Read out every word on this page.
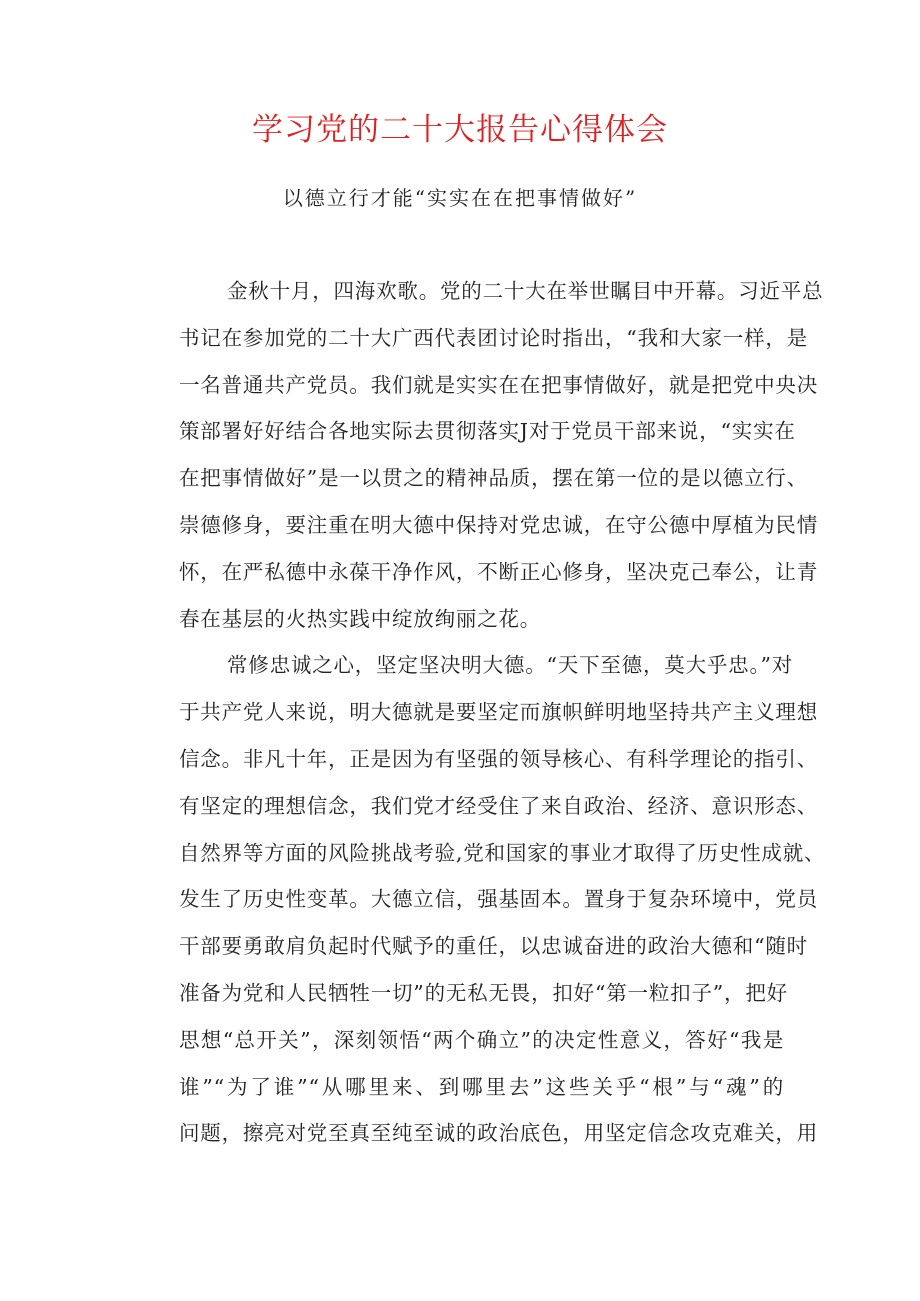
学习党的二十大报告心得体会
以德立行才能“实实在在把事情做好”
金秋十月，四海欢歌。党的二十大在举世瞩目中开幕。习近平总
书记在参加党的二十大广西代表团讨论时指出，“我和大家一样，是
一名普通共产党员。我们就是实实在在把事情做好，就是把党中央决
策部署好好结合各地实际去贯彻落实J对于党员干部来说，“实实在
在把事情做好”是一以贯之的精神品质，摆在第一位的是以德立行、
崇德修身，要注重在明大德中保持对党忠诚，在守公德中厚植为民情
怀，在严私德中永葆干净作风，不断正心修身，坚决克己奉公，让青
春在基层的火热实践中绽放绚丽之花。
常修忠诚之心，坚定坚决明大德。“天下至德，莫大乎忠。”对
于共产党人来说，明大德就是要坚定而旗帜鲜明地坚持共产主义理想
信念。非凡十年，正是因为有坚强的领导核心、有科学理论的指引、
有坚定的理想信念，我们党才经受住了来自政治、经济、意识形态、
自然界等方面的风险挑战考验,党和国家的事业才取得了历史性成就、
发生了历史性变革。大德立信，强基固本。置身于复杂环境中，党员
干部要勇敢肩负起时代赋予的重任，以忠诚奋进的政治大德和“随时
准备为党和人民牺牲一切”的无私无畏，扣好“第一粒扣子”，把好
思想“总开关”，深刻领悟“两个确立”的决定性意义，答好“我是
谁”“为了谁”“从哪里来、到哪里去”这些关乎“根”与“魂”的
问题，擦亮对党至真至纯至诚的政治底色，用坚定信念攻克难关，用
